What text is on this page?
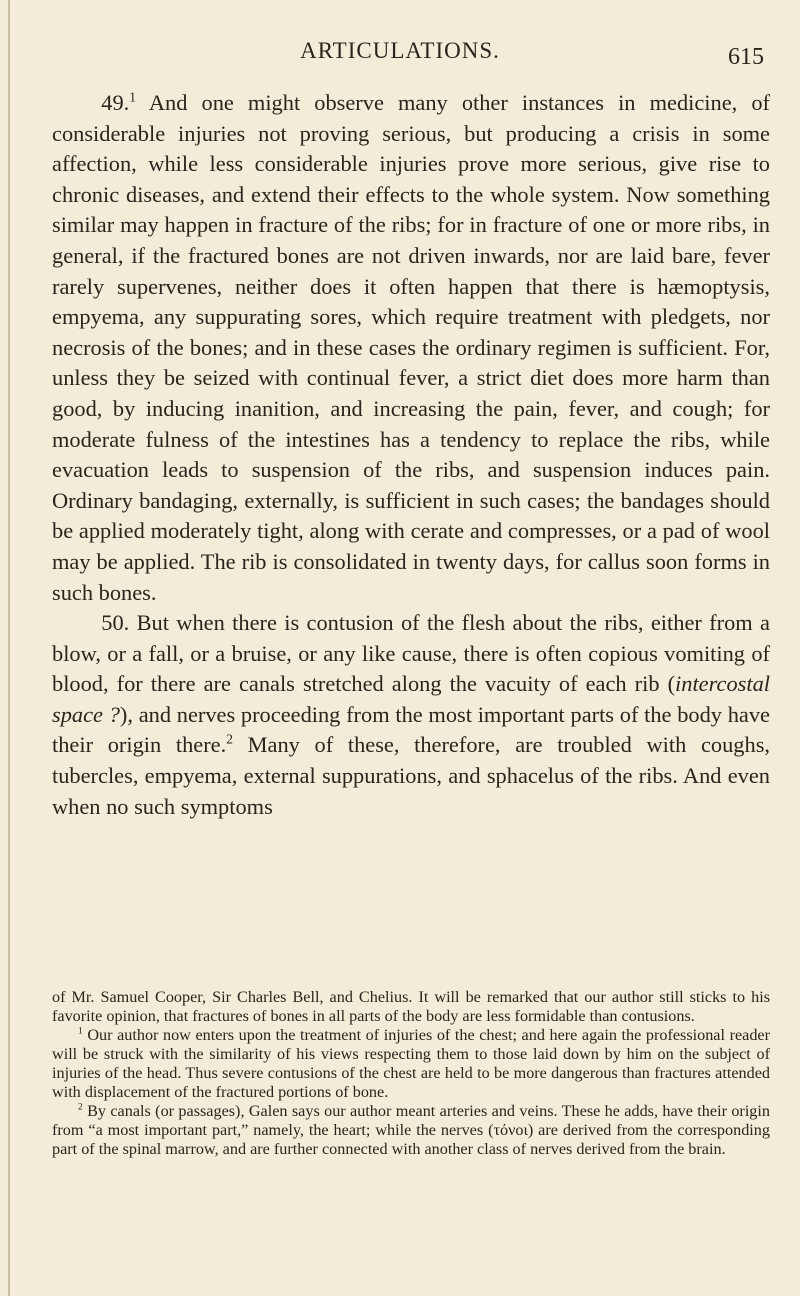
ARTICULATIONS.	615

49.$^1$ And one might observe many other instances in medicine, of considerable injuries not proving serious, but producing a crisis in some affection, while less considerable injuries prove more serious, give rise to chronic diseases, and extend their effects to the whole system. Now something similar may happen in fracture of the ribs; for in fracture of one or more ribs, in general, if the fractured bones are not driven inwards, nor are laid bare, fever rarely supervenes, neither does it often happen that there is hæmoptysis, empyema, any suppurating sores, which require treatment with pledgets, nor necrosis of the bones; and in these cases the ordinary regimen is sufficient. For, unless they be seized with continual fever, a strict diet does more harm than good, by inducing inanition, and increasing the pain, fever, and cough; for moderate fulness of the intestines has a tendency to replace the ribs, while evacuation leads to suspension of the ribs, and suspension induces pain. Ordinary bandaging, externally, is sufficient in such cases; the bandages should be applied moderately tight, along with cerate and compresses, or a pad of wool may be applied. The rib is consolidated in twenty days, for callus soon forms in such bones.

50. But when there is contusion of the flesh about the ribs, either from a blow, or a fall, or a bruise, or any like cause, there is often copious vomiting of blood, for there are canals stretched along the vacuity of each rib (intercostal space ?), and nerves proceeding from the most important parts of the body have their origin there.$^2$ Many of these, therefore, are troubled with coughs, tubercles, empyema, external suppurations, and sphacelus of the ribs. And even when no such symptoms

of Mr. Samuel Cooper, Sir Charles Bell, and Chelius. It will be remarked that our author still sticks to his favorite opinion, that fractures of bones in all parts of the body are less formidable than contusions.

$^1$ Our author now enters upon the treatment of injuries of the chest; and here again the professional reader will be struck with the similarity of his views respecting them to those laid down by him on the subject of injuries of the head. Thus severe contusions of the chest are held to be more dangerous than fractures attended with displacement of the fractured portions of bone.

$^2$ By canals (or passages), Galen says our author meant arteries and veins. These he adds, have their origin from “a most important part,” namely, the heart; while the nerves (τόνοι) are derived from the corresponding part of the spinal marrow, and are further connected with another class of nerves derived from the brain.
